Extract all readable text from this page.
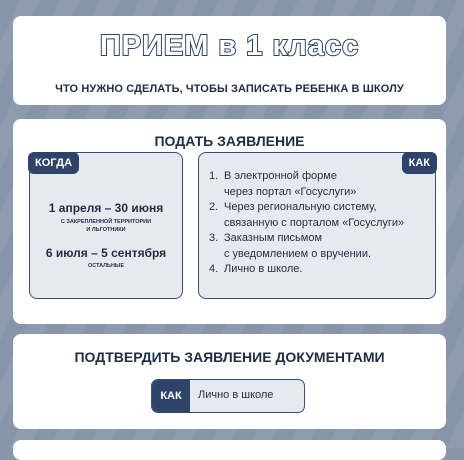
ПРИЕМ в 1 класс
ЧТО НУЖНО СДЕЛАТЬ, ЧТОБЫ ЗАПИСАТЬ РЕБЕНКА В ШКОЛУ
ПОДАТЬ ЗАЯВЛЕНИЕ
КОГДА
1 апреля – 30 июня
С ЗАКРЕПЛЕННОЙ ТЕРРИТОРИИ
И ЛЬГОТНИКИ
6 июля – 5 сентября
ОСТАЛЬНЫЕ
КАК
1. В электронной форме
через портал «Госуслуги»
2. Через региональную систему,
связанную с порталом «Госуслуги»
3. Заказным письмом
с уведомлением о вручении.
4. Лично в школе.
ПОДТВЕРДИТЬ ЗАЯВЛЕНИЕ ДОКУМЕНТАМИ
КАК	Лично в школе
